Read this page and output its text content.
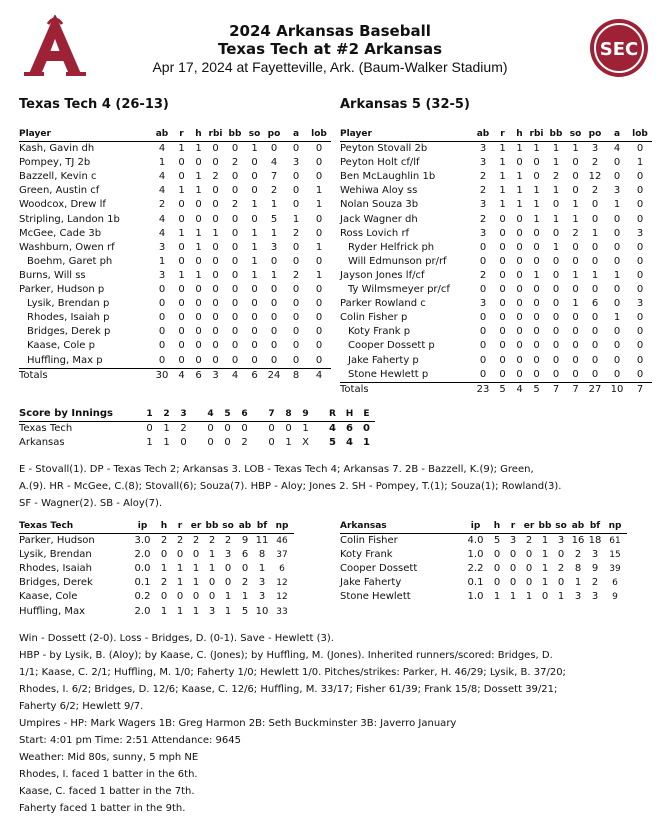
SEC
2024 Arkansas Baseball
Texas Tech at #2 Arkansas
Apr 17, 2024 at Fayetteville, Ark. (Baum-Walker Stadium)
Texas Tech 4 (26-13)	Arkansas 5 (32-5)
Player	ab	r	h	rbi	bb	so	po	a	lob
Kash, Gavin dh	4	1	1	0	0	1	0	0	0
Pompey, TJ 2b	1	0	0	0	2	0	4	3	0
Bazzell, Kevin c	4	0	1	2	0	0	7	0	0
Green, Austin cf	4	1	1	0	0	0	2	0	1
Woodcox, Drew lf	2	0	0	0	2	1	1	0	1
Stripling, Landon 1b	4	0	0	0	0	0	5	1	0
McGee, Cade 3b	4	1	1	1	0	1	1	2	0
Washburn, Owen rf	3	0	1	0	0	1	3	0	1
Boehm, Garet ph	1	0	0	0	0	1	0	0	0
Burns, Will ss	3	1	1	0	0	1	1	2	1
Parker, Hudson p	0	0	0	0	0	0	0	0	0
Lysik, Brendan p	0	0	0	0	0	0	0	0	0
Rhodes, Isaiah p	0	0	0	0	0	0	0	0	0
Bridges, Derek p	0	0	0	0	0	0	0	0	0
Kaase, Cole p	0	0	0	0	0	0	0	0	0
Huffling, Max p	0	0	0	0	0	0	0	0	0
Totals	30	4	6	3	4	6	24	8	4
Player	ab	r	h	rbi	bb	so	po	a	lob
Peyton Stovall 2b	3	1	1	1	1	1	3	4	0
Peyton Holt cf/lf	3	1	0	0	1	0	2	0	1
Ben McLaughlin 1b	2	1	1	0	2	0	12	0	0
Wehiwa Aloy ss	2	1	1	1	1	0	2	3	0
Nolan Souza 3b	3	1	1	1	0	1	0	1	0
Jack Wagner dh	2	0	0	1	1	1	0	0	0
Ross Lovich rf	3	0	0	0	0	2	1	0	3
Ryder Helfrick ph	0	0	0	0	1	0	0	0	0
Will Edmunson pr/rf	0	0	0	0	0	0	0	0	0
Jayson Jones lf/cf	2	0	0	1	0	1	1	1	0
Ty Wilmsmeyer pr/cf	0	0	0	0	0	0	0	0	0
Parker Rowland c	3	0	0	0	0	1	6	0	3
Colin Fisher p	0	0	0	0	0	0	0	1	0
Koty Frank p	0	0	0	0	0	0	0	0	0
Cooper Dossett p	0	0	0	0	0	0	0	0	0
Jake Faherty p	0	0	0	0	0	0	0	0	0
Stone Hewlett p	0	0	0	0	0	0	0	0	0
Totals	23	5	4	5	7	7	27	10	7
Score by Innings	1	2	3		4	5	6		7	8	9		R	H	E
Texas Tech	0	1	2		0	0	0		0	0	1		4	6	0
Arkansas	1	1	0		0	0	2		0	1	X		5	4	1

E - Stovall(1). DP - Texas Tech 2; Arkansas 3. LOB - Texas Tech 4; Arkansas 7. 2B - Bazzell, K.(9); Green,

A.(9). HR - McGee, C.(8); Stovall(6); Souza(7). HBP - Aloy; Jones 2. SH - Pompey, T.(1); Souza(1); Rowland(3).

SF - Wagner(2). SB - Aloy(7).

Texas Tech	ip	h	r	er	bb	so	ab	bf	np
Parker, Hudson	3.0	2	2	2	2	2	9	11	46
Lysik, Brendan	2.0	0	0	0	1	3	6	8	37
Rhodes, Isaiah	0.0	1	1	1	1	0	0	1	6
Bridges, Derek	0.1	2	1	1	0	0	2	3	12
Kaase, Cole	0.2	0	0	0	0	1	1	3	12
Huffling, Max	2.0	1	1	1	3	1	5	10	33
Arkansas	ip	h	r	er	bb	so	ab	bf	np
Colin Fisher	4.0	5	3	2	1	3	16	18	61
Koty Frank	1.0	0	0	0	1	0	2	3	15
Cooper Dossett	2.2	0	0	0	1	2	8	9	39
Jake Faherty	0.1	0	0	0	1	0	1	2	6
Stone Hewlett	1.0	1	1	1	0	1	3	3	9

Win - Dossett (2-0). Loss - Bridges, D. (0-1). Save - Hewlett (3).

HBP - by Lysik, B. (Aloy); by Kaase, C. (Jones); by Huffling, M. (Jones). Inherited runners/scored: Bridges, D.

1/1; Kaase, C. 2/1; Huffling, M. 1/0; Faherty 1/0; Hewlett 1/0. Pitches/strikes: Parker, H. 46/29; Lysik, B. 37/20;

Rhodes, I. 6/2; Bridges, D. 12/6; Kaase, C. 12/6; Huffling, M. 33/17; Fisher 61/39; Frank 15/8; Dossett 39/21;

Faherty 6/2; Hewlett 9/7.

Umpires - HP: Mark Wagers 1B: Greg Harmon 2B: Seth Buckminster 3B: Javerro January

Start: 4:01 pm Time: 2:51 Attendance: 9645

Weather: Mid 80s, sunny, 5 mph NE

Rhodes, I. faced 1 batter in the 6th.

Kaase, C. faced 1 batter in the 7th.

Faherty faced 1 batter in the 9th.
